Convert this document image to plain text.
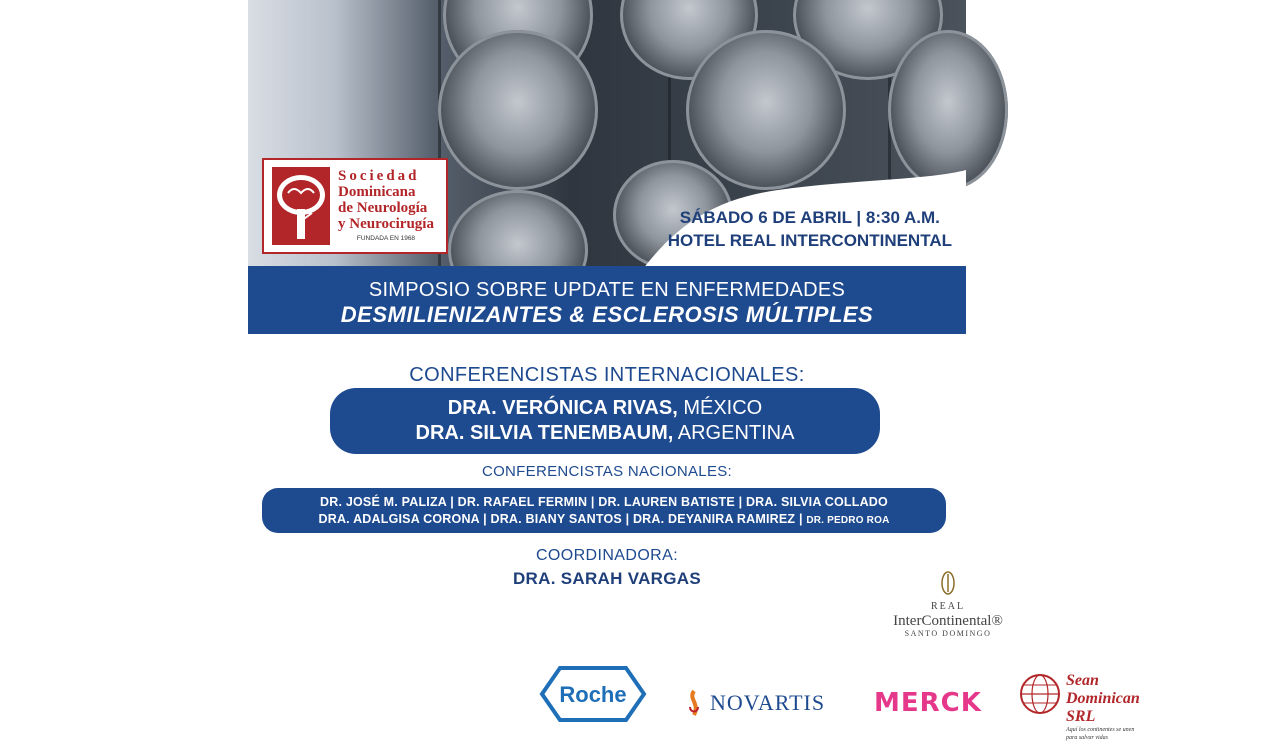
Sociedad
Dominicana
de Neurología
y Neurocirugía
FUNDADA EN 1968
SÁBADO 6 DE ABRIL | 8:30 A.M.
HOTEL REAL INTERCONTINENTAL
SIMPOSIO SOBRE UPDATE EN ENFERMEDADES
DESMILIENIZANTES & ESCLEROSIS MÚLTIPLES
CONFERENCISTAS INTERNACIONALES:
DRA. VERÓNICA RIVAS, MÉXICO
DRA. SILVIA TENEMBAUM, ARGENTINA
CONFERENCISTAS NACIONALES:
DR. JOSÉ M. PALIZA | DR. RAFAEL FERMIN | DR. LAUREN BATISTE | DRA. SILVIA COLLADO
DRA. ADALGISA CORONA | DRA. BIANY SANTOS | DRA. DEYANIRA RAMIREZ | DR. PEDRO ROA
COORDINADORA:
DRA. SARAH VARGAS
REAL
InterContinental®
SANTO DOMINGO
Roche	NOVARTIS MERCK
Sean Dominican SRL
Aquí los continentes se unen para salvar vidas
